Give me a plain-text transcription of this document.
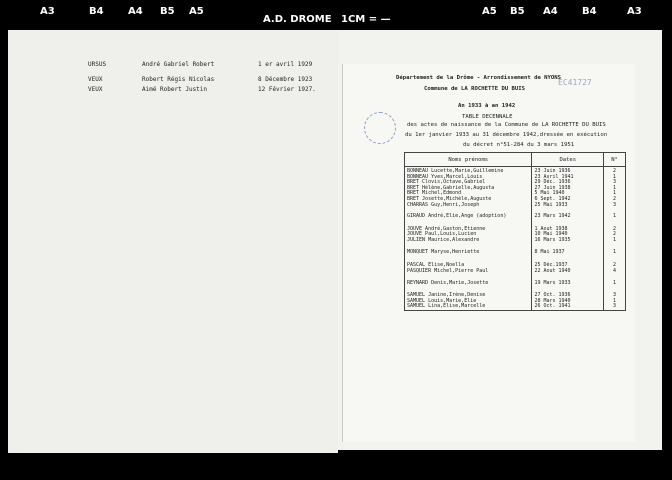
A3	B4 A4 B5 A5
A.D. DROME 1CM = —
A5 B5 A4 B4	A3
URSUS	André Gabriel Robert	1 er avril 1929
VEUX	Robert Régis Nicolas	8 Décembre 1923
VEUX	Aimé Robert Justin	12 Février 1927.
EC41727
Département de la Drôme - Arrondissement de NYONS
Commune de LA ROCHETTE DU BUIS
An 1933 à an 1942
TABLE DECENNALE
des actes de naissance de la Commune de LA ROCHETTE DU BUIS
du 1er janvier 1933 au 31 décembre 1942,dressée en exécution
du décret n°51-284 du 3 mars 1951
Noms prénoms	Dates	N°

BONNEAU Lucette,Marie,Guillemine	23 Juin 1936	2
BONNEAU Yves,Marcel,Louis	23 Avril 1941	1
BRET Clovis,Octave,Gabriel	29 Déc. 1936	3
BRET Hélène,Gabrielle,Augusta	27 Juin 1938	1
BRET Michel,Edmond	5 Mai 1940	1
BRET Josette,Michèle,Auguste	6 Sept. 1942	2

CHARRAS Guy,Henri,Joseph	25 Mai 1933	3

GIRAUD André,Elie,Ange (adoption)	23 Mars 1942	1

JOUVE André,Gaston,Etienne	1 Aout 1938	2
JOUVE Paul,Louis,Lucien	10 Mai 1940	2
JULIEN Maurice,Alexandre	16 Mars 1935	1

MONQUET Maryse,Henriette	8 Mai 1937	1

PASCAL Elise,Noella	25 Déc.1937	2
PASQUIER Michel,Pierre Paul	22 Aout 1940	4

REYNARD Denis,Marie,Josette	19 Mars 1933	1

SAMUEL Janine,Irène,Denise	27 Oct. 1936	3
SAMUEL Louis,Marie,Elie	28 Mars 1940	1
SAMUEL Lina,Elise,Marcelle	26 Oct. 1941	3
